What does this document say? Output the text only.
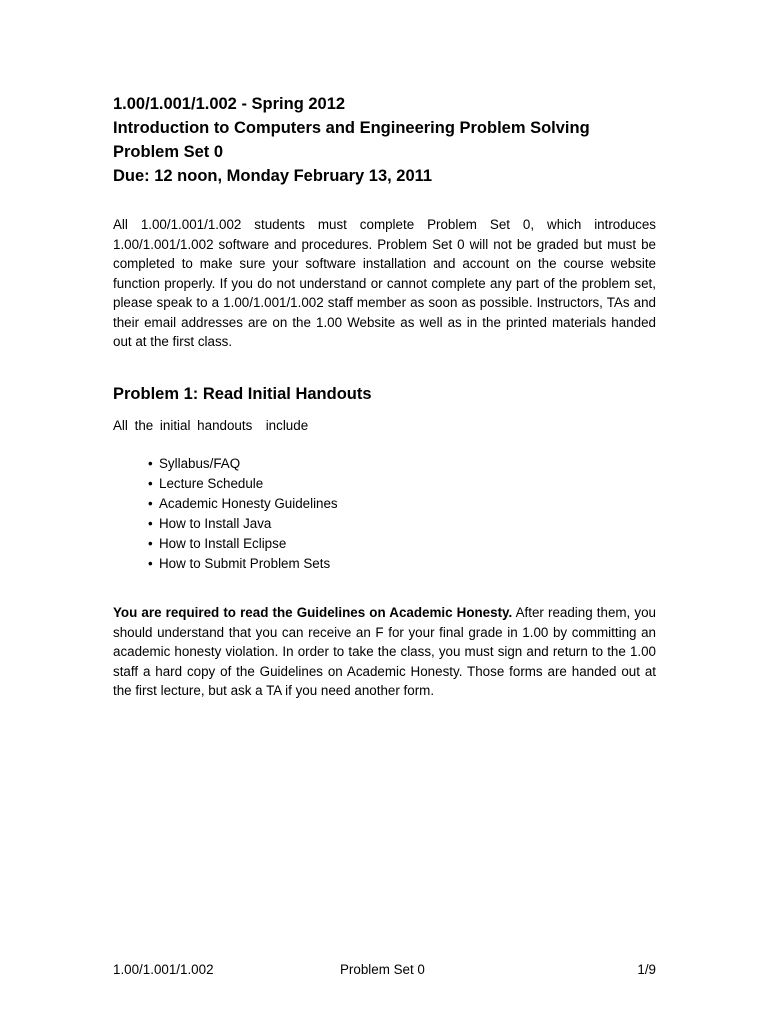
1.00/1.001/1.002 - Spring 2012

Introduction to Computers and Engineering Problem Solving

Problem Set 0

Due: 12 noon, Monday February 13, 2011

All 1.00/1.001/1.002 students must complete Problem Set 0, which introduces 1.00/1.001/1.002 software and procedures. Problem Set 0 will not be graded but must be completed to make sure your software installation and account on the course website function properly. If you do not understand or cannot complete any part of the problem set, please speak to a 1.00/1.001/1.002 staff member as soon as possible. Instructors, TAs and their email addresses are on the 1.00 Website as well as in the printed materials handed out at the first class.
Problem 1: Read Initial Handouts
All the initial handouts  include
• Syllabus/FAQ
• Lecture Schedule
• Academic Honesty Guidelines
• How to Install Java
• How to Install Eclipse
• How to Submit Problem Sets
You are required to read the Guidelines on Academic Honesty. After reading them, you should understand that you can receive an F for your final grade in 1.00 by committing an academic honesty violation. In order to take the class, you must sign and return to the 1.00 staff a hard copy of the Guidelines on Academic Honesty. Those forms are handed out at the first lecture, but ask a TA if you need another form.
1.00/1.001/1.002	Problem Set 0	1/9
